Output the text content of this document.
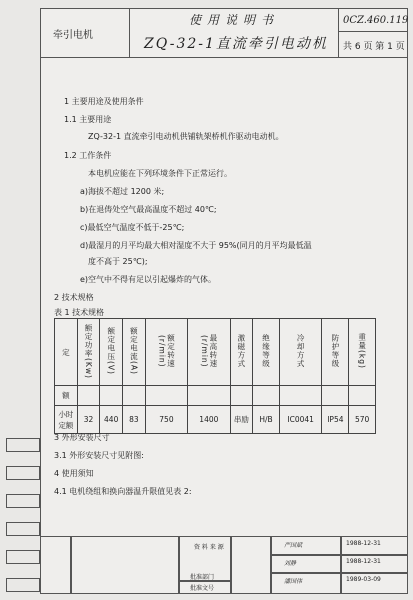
牵引电机
使用说明书
ZQ-32-1直流牵引电动机
0CZ.460.119
共 6 页 第 1 页
1 主要用途及使用条件
1.1 主要用途
ZQ-32-1 直流牵引电动机供铺轨架桥机作驱动电动机。
1.2 工作条件
本电机应能在下列环境条件下正常运行。
a)海拔不超过 1200 米;
b)在退俦处空气最高温度不超过 40℃;
c)最低空气温度不低于-25℃;
d)最湿月的月平均最大相对湿度不大于 95%(同月的月平均最低温
度不高于 25℃);
e)空气中不得有足以引起爆炸的气体。
2 技术规格
表 1 技术规格
定	额定功率(Kw)	额定电压(V)	额定电流(A)	额定转速(r/min)	最高转速(r/min)	激磁方式	绝缘等级	冷却方式	防护等级	重量(kg)
额										
小时定额	32	440	83	750	1400	串励	H/B	IC0041	IP54	570
3 外形安装尺寸
3.1 外形安装尺寸见附图:
4 使用须知
4.1 电机绕组和换向器温升限值见表 2:
资 料 来 源
批准部门
批准文号
严国斌	1988-12-31
刘静	1988-12-31
潘国伟	1989-03-09
